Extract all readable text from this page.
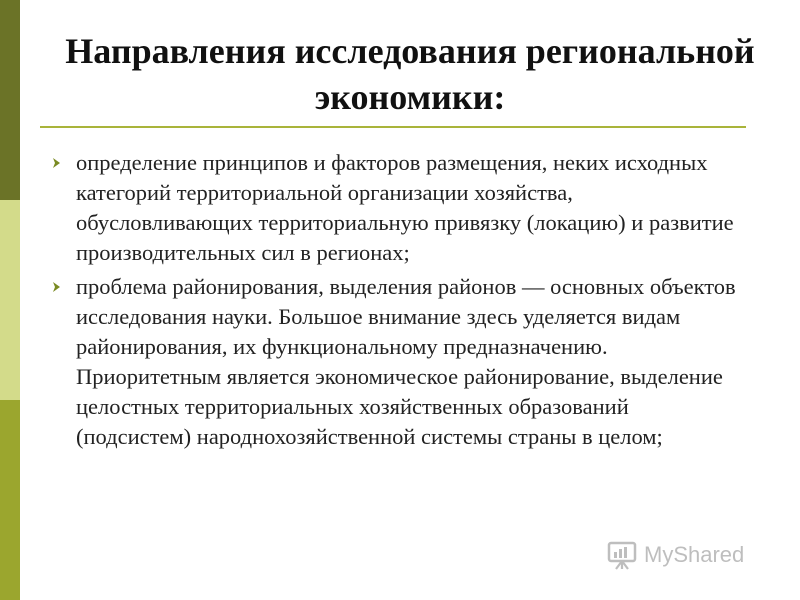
Направления исследования региональной экономики:
определение принципов и факторов размещения, неких исходных категорий территориальной организации хозяйства, обусловливающих территориальную привязку (локацию) и развитие производительных сил в регионах;
проблема районирования, выделения районов — основных объектов исследования науки. Большое внимание здесь уделяется видам районирования, их функциональному предназначению. Приоритетным является экономическое районирование, выделение целостных территориальных хозяйственных образований (подсистем) народнохозяйственной системы страны в целом;
MyShared
